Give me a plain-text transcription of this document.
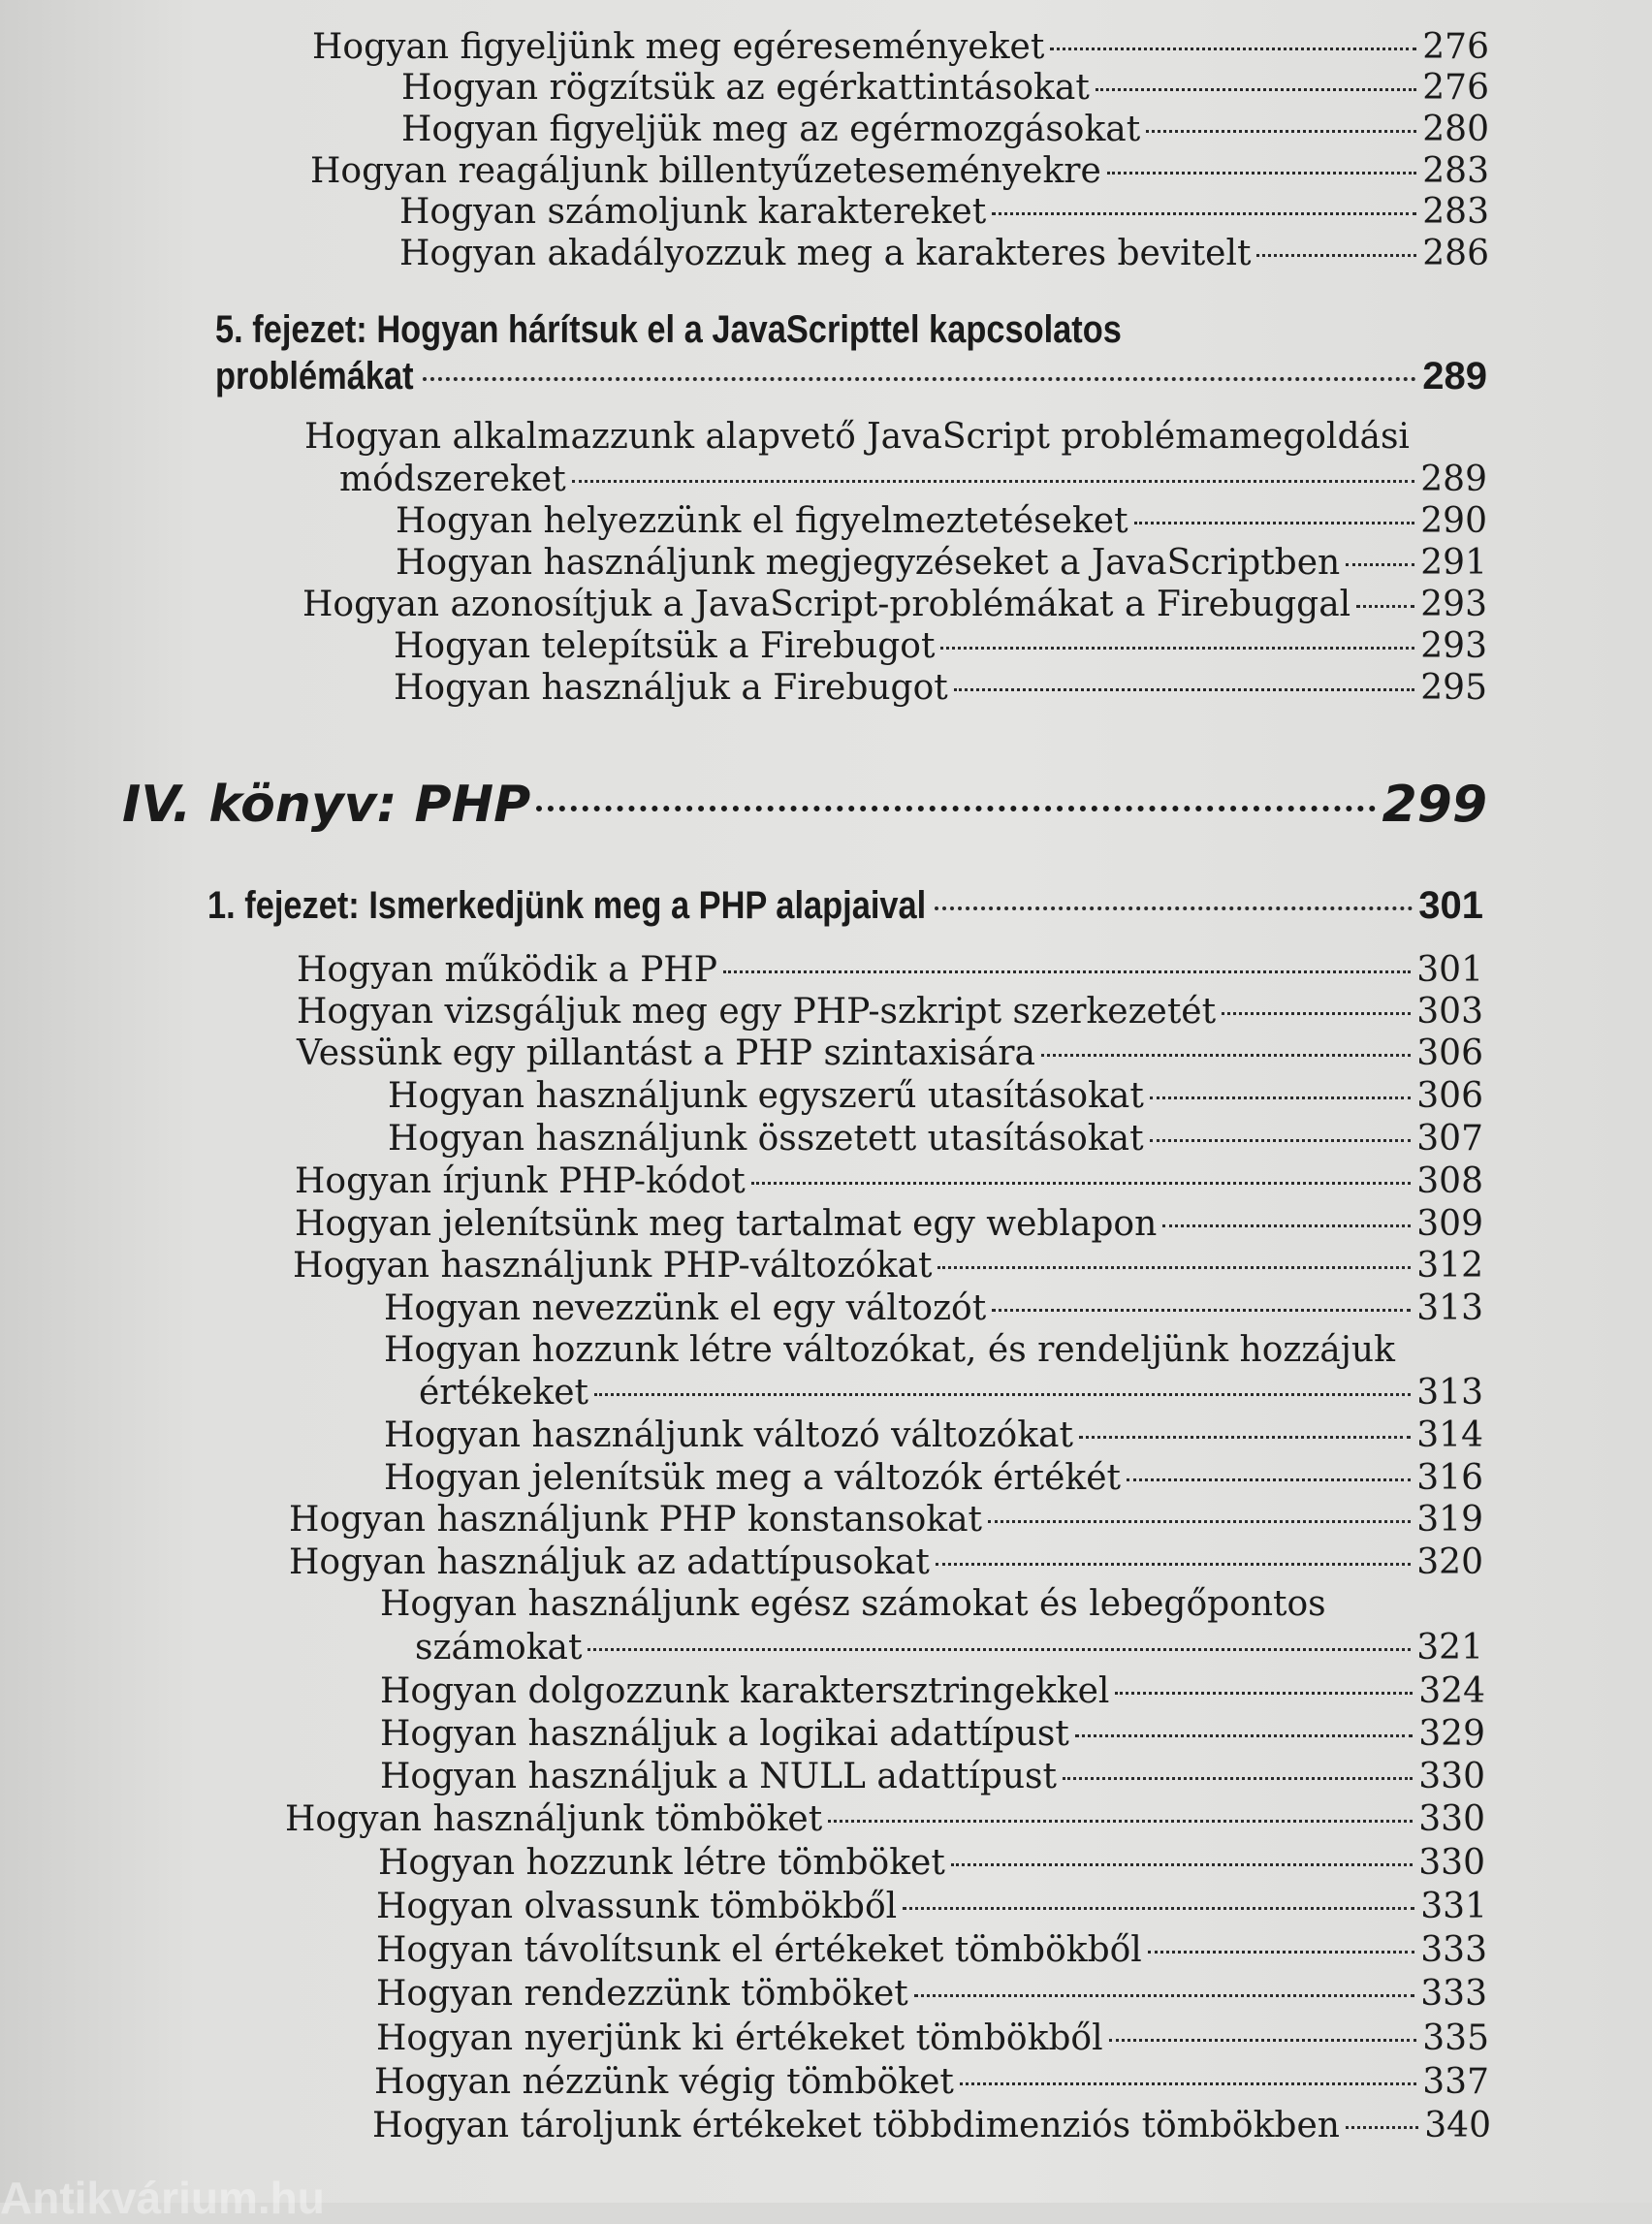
Hogyan figyeljünk meg egéreseményeket	276
Hogyan rögzítsük az egérkattintásokat	276
Hogyan figyeljük meg az egérmozgásokat	280
Hogyan reagáljunk billentyűzeteseményekre	283
Hogyan számoljunk karaktereket	283
Hogyan akadályozzuk meg a karakteres bevitelt	286
5. fejezet: Hogyan hárítsuk el a JavaScripttel kapcsolatos
problémákat	289
Hogyan alkalmazzunk alapvető JavaScript problémamegoldási
módszereket	289
Hogyan helyezzünk el figyelmeztetéseket	290
Hogyan használjunk megjegyzéseket a JavaScriptben 291
Hogyan azonosítjuk a JavaScript-problémákat a Firebuggal 293
Hogyan telepítsük a Firebugot	293
Hogyan használjuk a Firebugot	295
IV. könyv: PHP	299
1. fejezet: Ismerkedjünk meg a PHP alapjaival	301
Hogyan működik a PHP	301
Hogyan vizsgáljuk meg egy PHP-szkript szerkezetét	303
Vessünk egy pillantást a PHP szintaxisára	306
Hogyan használjunk egyszerű utasításokat	306
Hogyan használjunk összetett utasításokat	307
Hogyan írjunk PHP-kódot	308
Hogyan jelenítsünk meg tartalmat egy weblapon	309
Hogyan használjunk PHP-változókat	312
Hogyan nevezzünk el egy változót	313
Hogyan hozzunk létre változókat, és rendeljünk hozzájuk
értékeket	313
Hogyan használjunk változó változókat	314
Hogyan jelenítsük meg a változók értékét	316
Hogyan használjunk PHP konstansokat	319
Hogyan használjuk az adattípusokat	320
Hogyan használjunk egész számokat és lebegőpontos
számokat	321
Hogyan dolgozzunk karaktersztringekkel	324
Hogyan használjuk a logikai adattípust	329
Hogyan használjuk a NULL adattípust	330
Hogyan használjunk tömböket	330
Hogyan hozzunk létre tömböket	330
Hogyan olvassunk tömbökből	331
Hogyan távolítsunk el értékeket tömbökből	333
Hogyan rendezzünk tömböket	333
Hogyan nyerjünk ki értékeket tömbökből	335
Hogyan nézzünk végig tömböket	337
Hogyan tároljunk értékeket többdimenziós tömbökben 340
Antikvárium.hu
